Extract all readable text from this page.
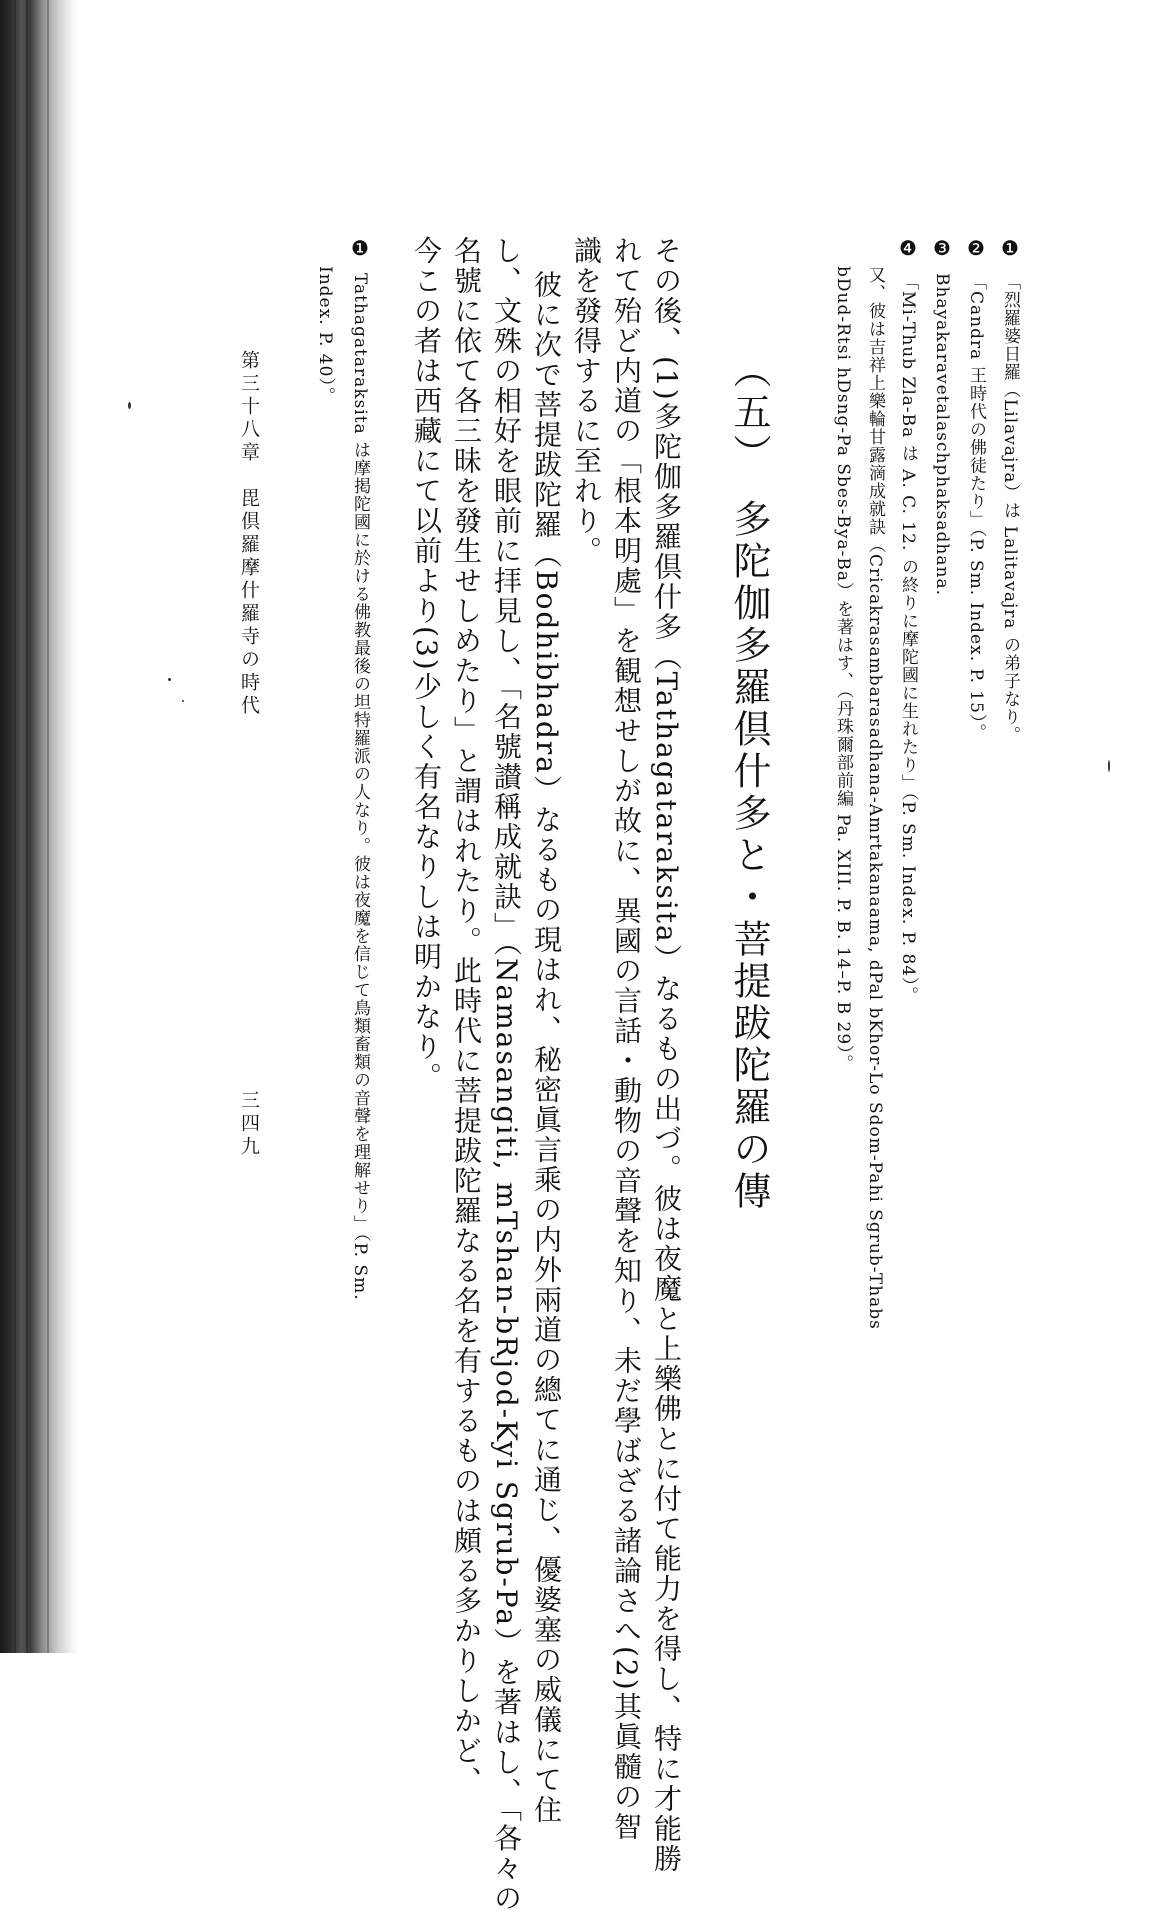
❶「烈羅婆日羅（Lilavajra）は Lalitavajra の弟子なり。
❷「Candra 王時代の佛徒たり」（P. Sm. Index. P. 15）。
❸Bhayakaravetalaschphaksadhana.
❹「Mi-Thub Zla-Ba は A. C. 12. の終りに摩陀國に生れたり」（P. Sm. Index. P. 84）。
又、彼は吉祥上樂輪甘露滴成就訣（Cricakrasambarasadhana-Amrtakanaama, dPal bKhor-Lo Sdom-Pahi Sgrub-Thabs
bDud-Rtsi hDsng-Pa Sbes-Bya-Ba）を著はす、（丹珠爾部前編 Pa. XIII. P. B. 14–P. B 29）。
（五）　多陀伽多羅倶什多と・菩提跋陀羅の傳
その後、(1)多陀伽多羅倶什多（Tathagataraksita）なるもの出づ。彼は夜魔と上樂佛とに付て能力を得し、特に才能勝
れて殆ど内道の「根本明處」を観想せしが故に、異國の言話・動物の音聲を知り、未だ學ばざる諸論さへ(2)其眞髓の智
識を發得するに至れり。
彼に次で菩提跋陀羅（Bodhibhadra）なるもの現はれ、秘密眞言乘の内外兩道の總てに通じ、優婆塞の威儀にて住
し、文殊の相好を眼前に拝見し、「名號讃稱成就訣」（Namasangiti, mTshan-bRjod-Kyi Sgrub-Pa）を著はし、「各々の
名號に依て各三昧を發生せしめたり」と謂はれたり。此時代に菩提跋陀羅なる名を有するものは頗る多かりしかど、
今この者は西藏にて以前より(3)少しく有名なりしは明かなり。
❶Tathagataraksita は摩掲陀國に於ける佛教最後の坦特羅派の人なり。彼は夜魔を信じて鳥類畜類の音聲を理解せり」（P. Sm.
Index. P. 40）。
第三十八章　毘倶羅摩什羅寺の時代
三四九
